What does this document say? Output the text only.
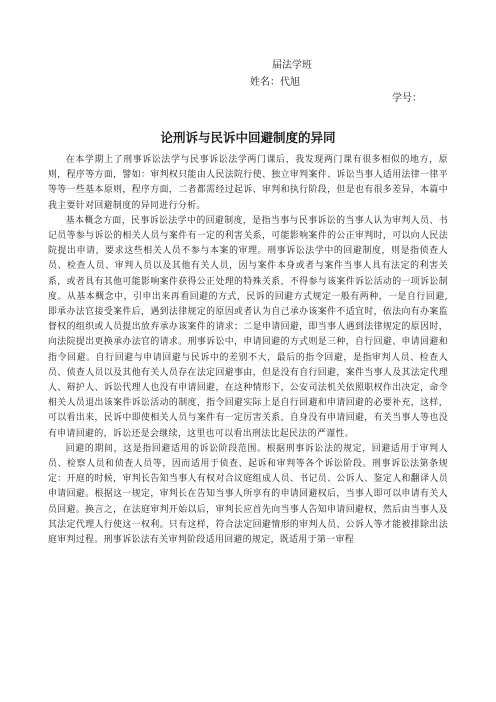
届法学班
姓名：代旭
学号：
论刑诉与民诉中回避制度的异同

在本学期上了刑事诉讼法学与民事诉讼法学两门课后，我发现两门课有很多相似的地方，原则，程序等方面，譬如：审判权只能由人民法院行使、独立审判案件、诉讼当事人适用法律一律平等等一些基本原则，程序方面，二者都需经过起诉、审判和执行阶段，但是也有很多差异，本篇中我主要针对回避制度的异同进行分析。

基本概念方面，民事诉讼法学中的回避制度，是指当事与民事诉讼的当事人认为审判人员、书记员等参与诉讼的相关人员与案件有一定的利害关系，可能影响案件的公正审判时，可以向人民法院提出申请，要求这些相关人员不参与本案的审理。刑事诉讼法学中的回避制度，则是指侦查人员、检查人员、审判人员以及其他有关人员，因与案件本身或者与案件当事人具有法定的利害关系，或者具有其他可能影响案件获得公正处理的特殊关系，不得参与该案件诉讼活动的一项诉讼制度。从基本概念中，引申出来再看回避的方式，民诉的回避方式规定一般有两种，一是自行回避,即承办法官接受案件后，遇到法律规定的原因或者认为自己承办该案件不适宜时，依法向有办案监督权的组织或人员提出放弃承办该案件的请求；二是申请回避，即当事人遇到法律规定的原因时，向法院提出更换承办法官的请求。刑事诉讼中，申请回避的方式则是三种，自行回避、申请回避和指令回避。自行回避与申请回避与民诉中的差别不大，最后的指令回避，是指审判人员、检查人员、侦查人员以及其他有关人员存在法定回避事由，但是没有自行回避，案件当事人及其法定代理人、辩护人、诉讼代理人也没有申请回避，在这种情形下，公安司法机关依照职权作出决定，命令相关人员退出该案件诉讼活动的制度，指令回避实际上是自行回避和申请回避的必要补充，这样，可以看出来，民诉中即使相关人员与案件有一定厉害关系，自身没有申请回避，有关当事人等也没有申请回避的，诉讼还是会继续，这里也可以看出刑法比起民法的严谨性。

回避的期间，这是指回避适用的诉讼阶段范围。根据刑事诉讼法的规定，回避适用于审判人员、检察人员和侦查人员等，因而适用于侦查、起诉和审判等各个诉讼阶段。刑事诉讼法第条规定：开庭的时候，审判长告知当事人有权对合议庭组成人员、书记员、公诉人、鉴定人和翻译人员申请回避。根据这一规定，审判长在告知当事人所享有的申请回避权后，当事人即可以申请有关人员回避。换言之，在法庭审判开始以后，审判长应首先向当事人告知申请回避权，然后由当事人及其法定代理人行使这一权利。只有这样，符合法定回避情形的审判人员、公诉人等才能被排除出法庭审判过程。刑事诉讼法有关审判阶段适用回避的规定，既适用于第一审程
